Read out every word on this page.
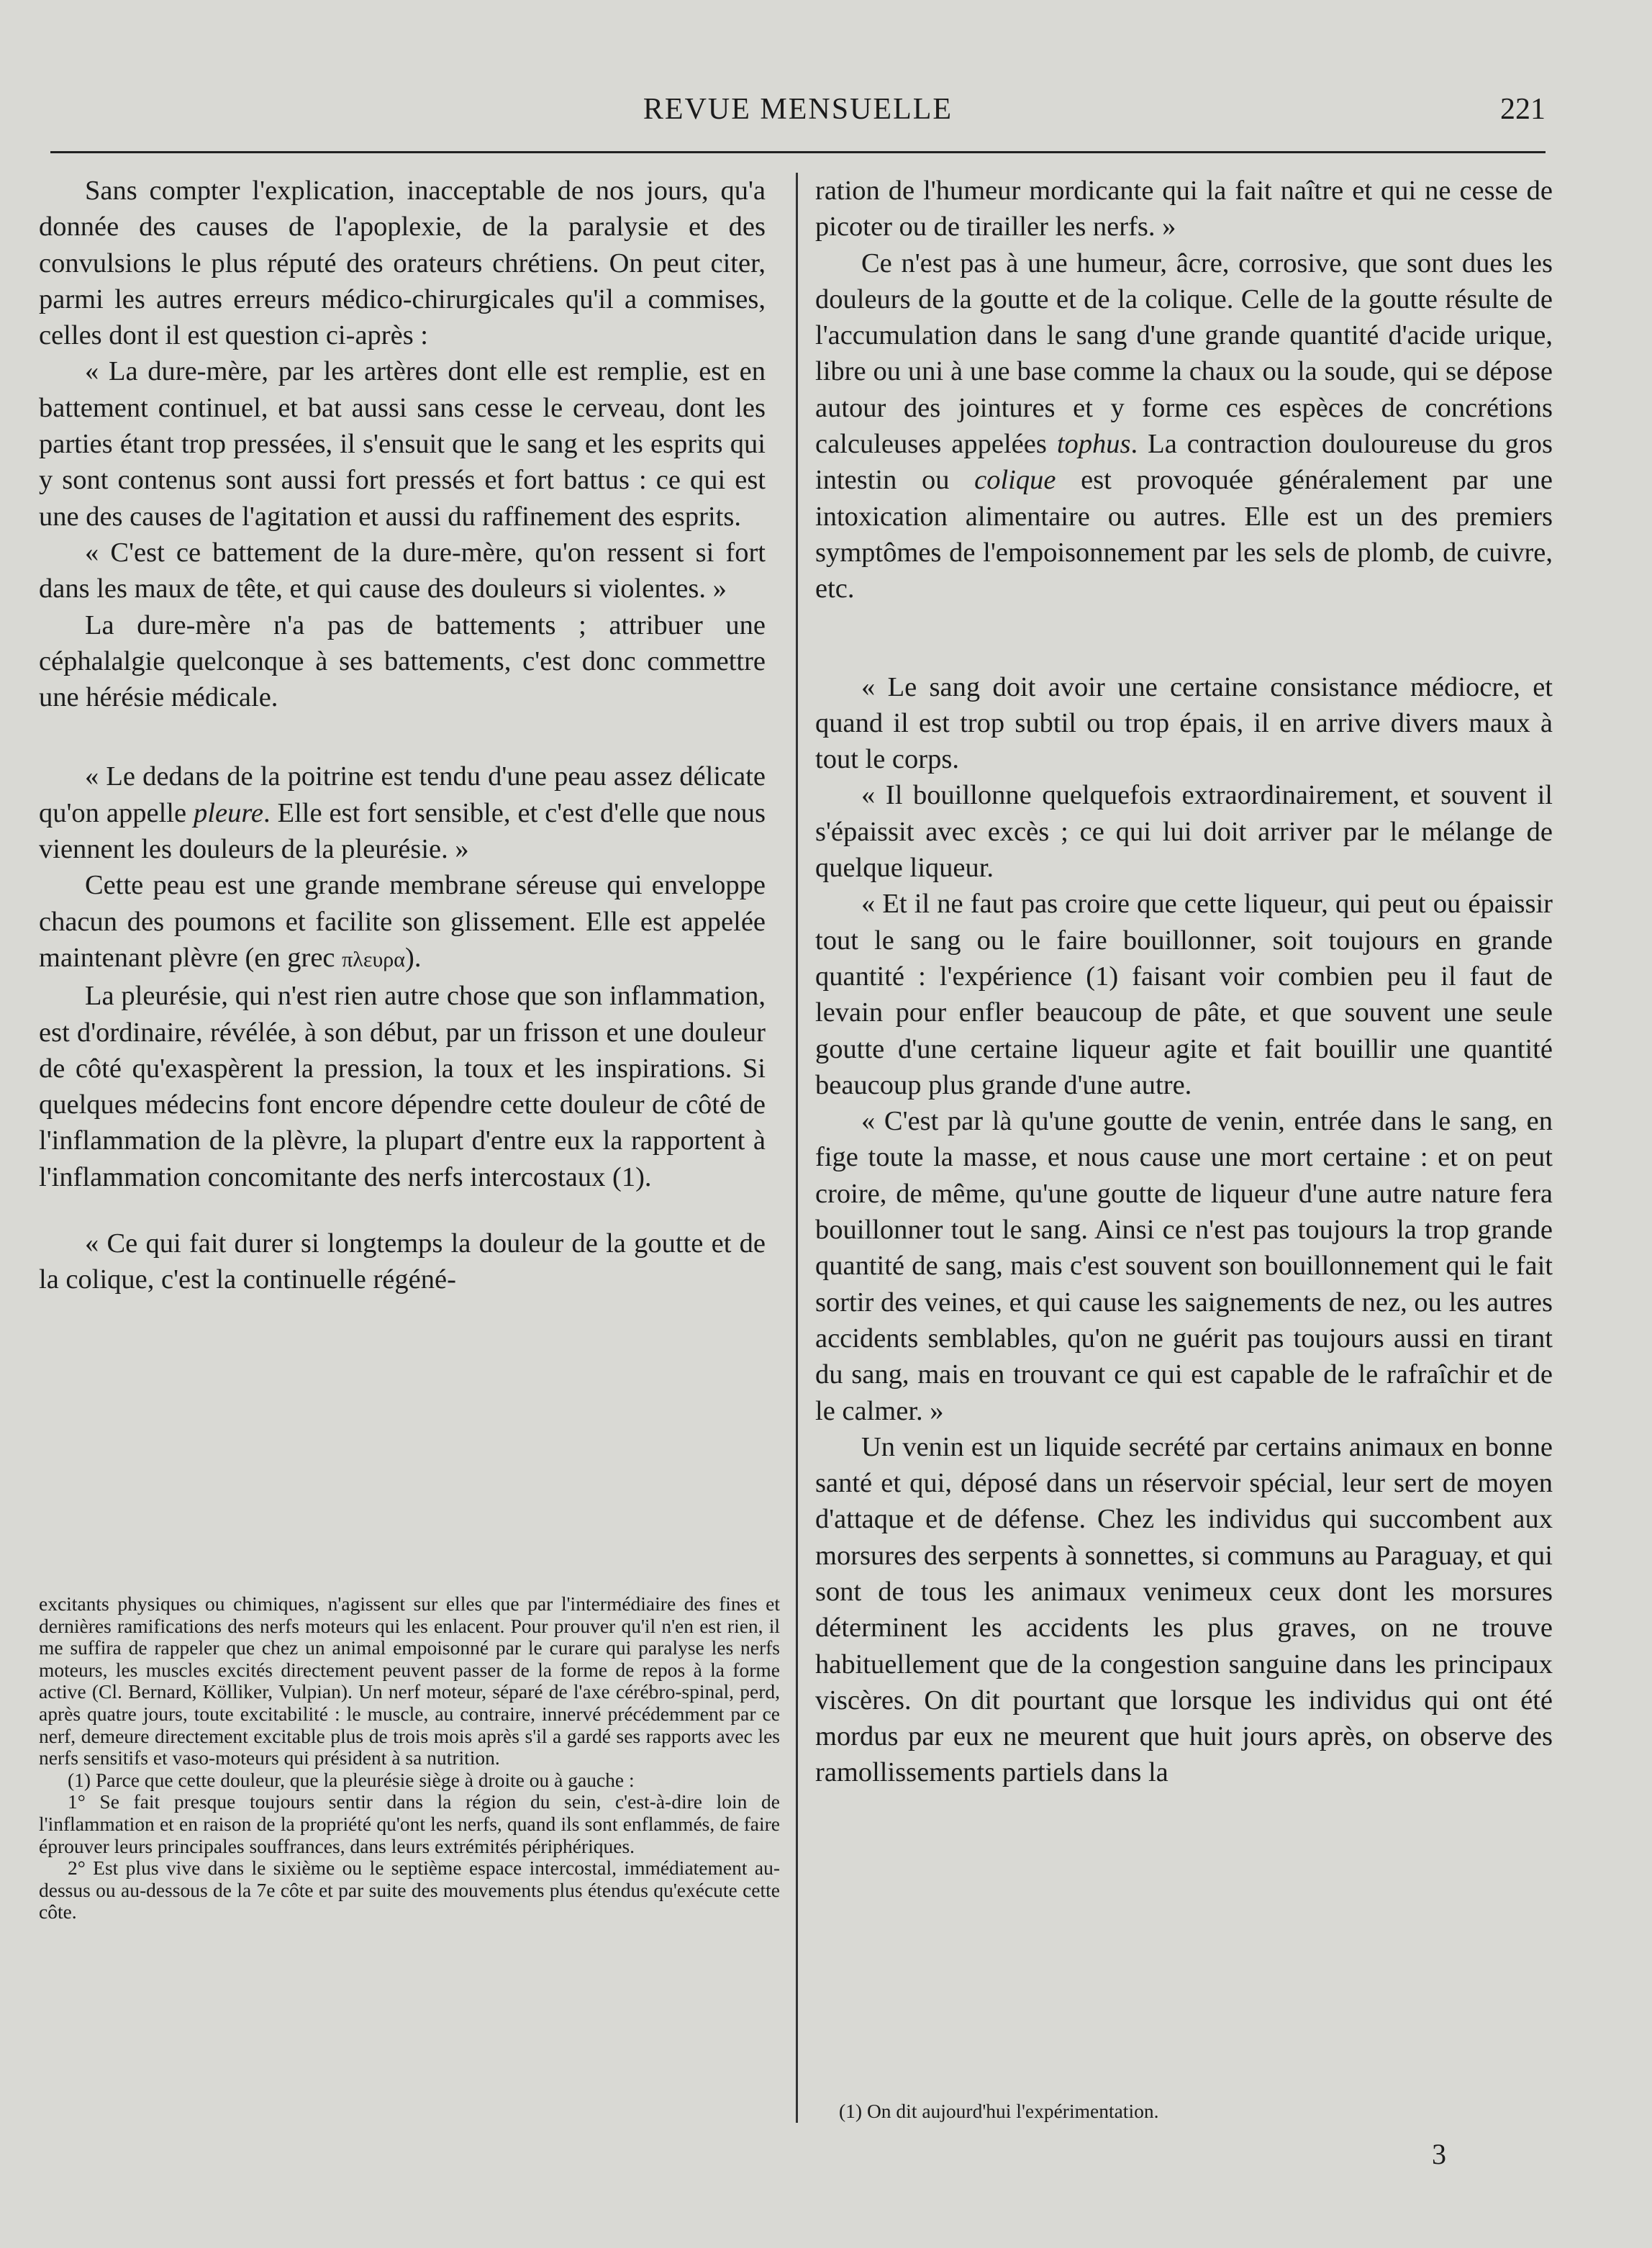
REVUE MENSUELLE	221

Sans compter l'explication, inacceptable de nos jours, qu'a donnée des causes de l'apoplexie, de la paralysie et des convulsions le plus réputé des orateurs chrétiens. On peut citer, parmi les autres erreurs médico-chirurgicales qu'il a commises, celles dont il est question ci-après :

« La dure-mère, par les artères dont elle est remplie, est en battement continuel, et bat aussi sans cesse le cerveau, dont les parties étant trop pressées, il s'ensuit que le sang et les esprits qui y sont contenus sont aussi fort pressés et fort battus : ce qui est une des causes de l'agitation et aussi du raffinement des esprits.

« C'est ce battement de la dure-mère, qu'on ressent si fort dans les maux de tête, et qui cause des douleurs si violentes. »

La dure-mère n'a pas de battements ; attribuer une céphalalgie quelconque à ses battements, c'est donc commettre une hérésie médicale.

« Le dedans de la poitrine est tendu d'une peau assez délicate qu'on appelle pleure. Elle est fort sensible, et c'est d'elle que nous viennent les douleurs de la pleurésie. »

Cette peau est une grande membrane séreuse qui enveloppe chacun des poumons et facilite son glissement. Elle est appelée maintenant plèvre (en grec πλευρα).

La pleurésie, qui n'est rien autre chose que son inflammation, est d'ordinaire, révélée, à son début, par un frisson et une douleur de côté qu'exaspèrent la pression, la toux et les inspirations. Si quelques médecins font encore dépendre cette douleur de côté de l'inflammation de la plèvre, la plupart d'entre eux la rapportent à l'inflammation concomitante des nerfs intercostaux (1).

« Ce qui fait durer si longtemps la douleur de la goutte et de la colique, c'est la continuelle régéné-

excitants physiques ou chimiques, n'agissent sur elles que par l'intermédiaire des fines et dernières ramifications des nerfs moteurs qui les enlacent. Pour prouver qu'il n'en est rien, il me suffira de rappeler que chez un animal empoisonné par le curare qui paralyse les nerfs moteurs, les muscles excités directement peuvent passer de la forme de repos à la forme active (Cl. Bernard, Kölliker, Vulpian). Un nerf moteur, séparé de l'axe cérébro-spinal, perd, après quatre jours, toute excitabilité : le muscle, au contraire, innervé précédemment par ce nerf, demeure directement excitable plus de trois mois après s'il a gardé ses rapports avec les nerfs sensitifs et vaso-moteurs qui président à sa nutrition.

(1) Parce que cette douleur, que la pleurésie siège à droite ou à gauche :

1° Se fait presque toujours sentir dans la région du sein, c'est-à-dire loin de l'inflammation et en raison de la propriété qu'ont les nerfs, quand ils sont enflammés, de faire éprouver leurs principales souffrances, dans leurs extrémités périphériques.

2° Est plus vive dans le sixième ou le septième espace intercostal, immédiatement au-dessus ou au-dessous de la 7e côte et par suite des mouvements plus étendus qu'exécute cette côte.

ration de l'humeur mordicante qui la fait naître et qui ne cesse de picoter ou de tirailler les nerfs. »

Ce n'est pas à une humeur, âcre, corrosive, que sont dues les douleurs de la goutte et de la colique. Celle de la goutte résulte de l'accumulation dans le sang d'une grande quantité d'acide urique, libre ou uni à une base comme la chaux ou la soude, qui se dépose autour des jointures et y forme ces espèces de concrétions calculeuses appelées tophus. La contraction douloureuse du gros intestin ou colique est provoquée généralement par une intoxication alimentaire ou autres. Elle est un des premiers symptômes de l'empoisonnement par les sels de plomb, de cuivre, etc.

« Le sang doit avoir une certaine consistance médiocre, et quand il est trop subtil ou trop épais, il en arrive divers maux à tout le corps.

« Il bouillonne quelquefois extraordinairement, et souvent il s'épaissit avec excès ; ce qui lui doit arriver par le mélange de quelque liqueur.

« Et il ne faut pas croire que cette liqueur, qui peut ou épaissir tout le sang ou le faire bouillonner, soit toujours en grande quantité : l'expérience (1) faisant voir combien peu il faut de levain pour enfler beaucoup de pâte, et que souvent une seule goutte d'une certaine liqueur agite et fait bouillir une quantité beaucoup plus grande d'une autre.

« C'est par là qu'une goutte de venin, entrée dans le sang, en fige toute la masse, et nous cause une mort certaine : et on peut croire, de même, qu'une goutte de liqueur d'une autre nature fera bouillonner tout le sang. Ainsi ce n'est pas toujours la trop grande quantité de sang, mais c'est souvent son bouillonnement qui le fait sortir des veines, et qui cause les saignements de nez, ou les autres accidents semblables, qu'on ne guérit pas toujours aussi en tirant du sang, mais en trouvant ce qui est capable de le rafraîchir et de le calmer. »

Un venin est un liquide secrété par certains animaux en bonne santé et qui, déposé dans un réservoir spécial, leur sert de moyen d'attaque et de défense. Chez les individus qui succombent aux morsures des serpents à sonnettes, si communs au Paraguay, et qui sont de tous les animaux venimeux ceux dont les morsures déterminent les accidents les plus graves, on ne trouve habituellement que de la congestion sanguine dans les principaux viscères. On dit pourtant que lorsque les individus qui ont été mordus par eux ne meurent que huit jours après, on observe des ramollissements partiels dans la

(1) On dit aujourd'hui l'expérimentation.
3
